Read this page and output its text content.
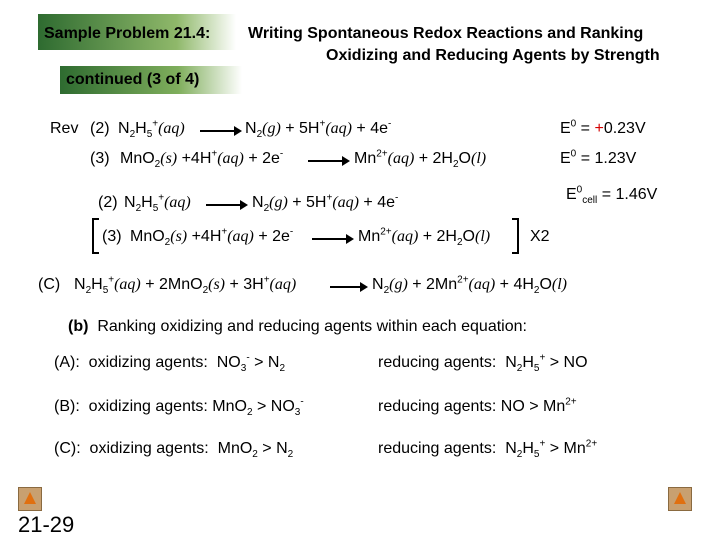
Sample Problem 21.4: Writing Spontaneous Redox Reactions and Ranking
Oxidizing and Reducing Agents by Strength
continued (3 of 4)
Rev (2) $N_2H_5^+(aq) \to N_2(g) + 5H^+(aq) + 4e^-$	$E^0 = +0.23V$
(3) $MnO_2(s) +4H^+(aq) + 2e^- \to Mn^{2+}(aq) + 2H_2O(l)$	$E^0 = 1.23V$
(2) $N_2H_5^+(aq) \to N_2(g) + 5H^+(aq) + 4e^-$	$E^0_{cell} = 1.46V$
(3) $MnO_2(s) +4H^+(aq) + 2e^- \to Mn^{2+}(aq) + 2H_2O(l)$ X2
(C) $N_2H_5^+(aq) + 2MnO_2(s) + 3H^+(aq) \to N_2(g) + 2Mn^{2+}(aq) + 4H_2O(l)$
(b) Ranking oxidizing and reducing agents within each equation:
(A): oxidizing agents:  $NO_3^- > N_2$	reducing agents:  $N_2H_5^+$ > NO
(B): oxidizing agents: $MnO_2 > NO_3^-$	reducing agents: NO > $Mn^{2+}$
(C): oxidizing agents:  $MnO_2 > N_2$	reducing agents:  $N_2H_5^+ > Mn^{2+}$
21-29
